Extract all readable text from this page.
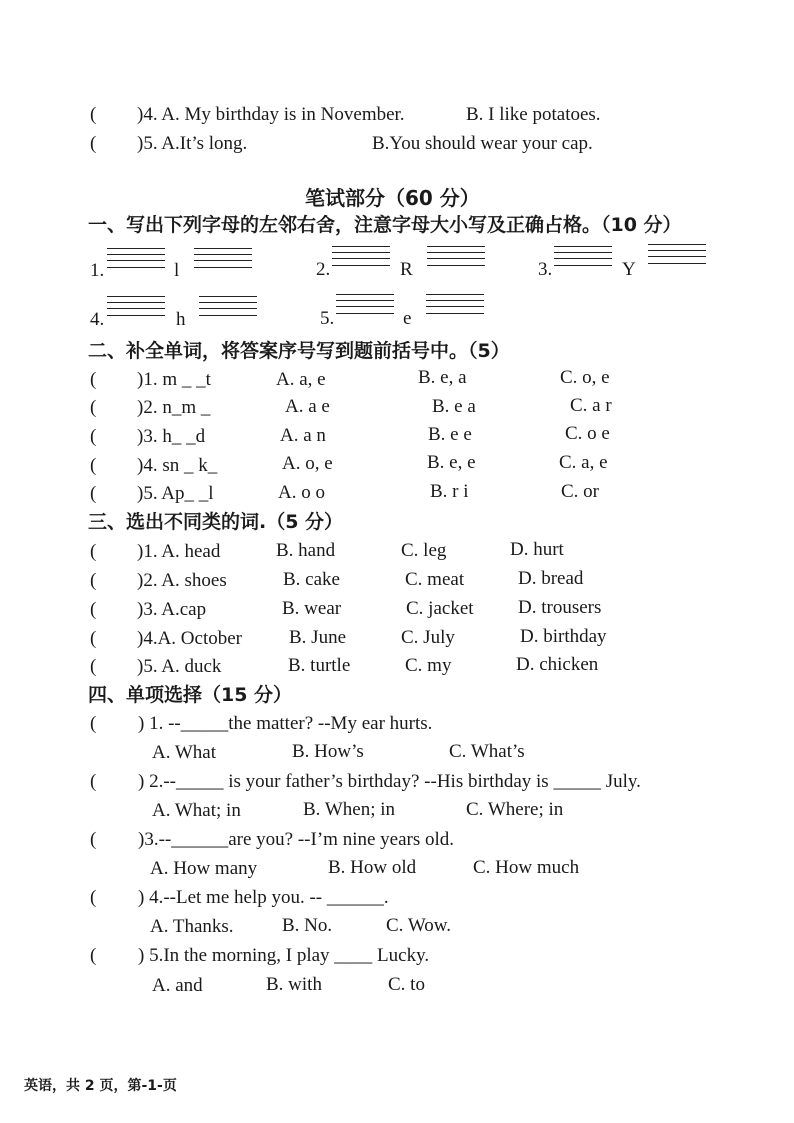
( )4. A. My birthday is in November.	B. I like potatoes.
( )5. A.It’s long.	B.You should wear your cap.
笔试部分（60 分）
一、写出下列字母的左邻右舍，注意字母大小写及正确占格。（10 分）
1.	l	2.	R	3.	Y
4.	h	5.	e
二、补全单词，将答案序号写到题前括号中。（5）
( )1. m _ _t	A. a, e	B. e, a	C. o, e
( )2. n_m _	A. a e	B. e a	C. a r
( )3. h_ _d	A. a n	B. e e	C. o e
( )4. sn _ k_	A. o, e	B. e, e	C. a, e
( )5. Ap_ _l	A. o o	B. r i	C. or
三、选出不同类的词.（5 分）
( )1. A. head	B. hand	C. leg	D. hurt
( )2. A. shoes	B. cake	C. meat	D. bread
( )3. A.cap	B. wear	C. jacket D. trousers
( )4.A. October B. June	C. July	D. birthday
( )5. A. duck	B. turtle	C. my	D. chicken
四、单项选择（15 分）
( ) 1. --_____the matter? --My ear hurts.
A. What	B. How’s	C. What’s
( ) 2.--_____ is your father’s birthday? --His birthday is _____ July.
A. What; in	B. When; in	C. Where; in
( )3.--______are you? --I’m nine years old.
A. How many	B. How old	C. How much
( ) 4.--Let me help you. -- ______.
A. Thanks.	B. No.	C. Wow.
( ) 5.In the morning, I play ____ Lucky.
A. and	B. with	C. to
英语，共 2 页，第-1-页
